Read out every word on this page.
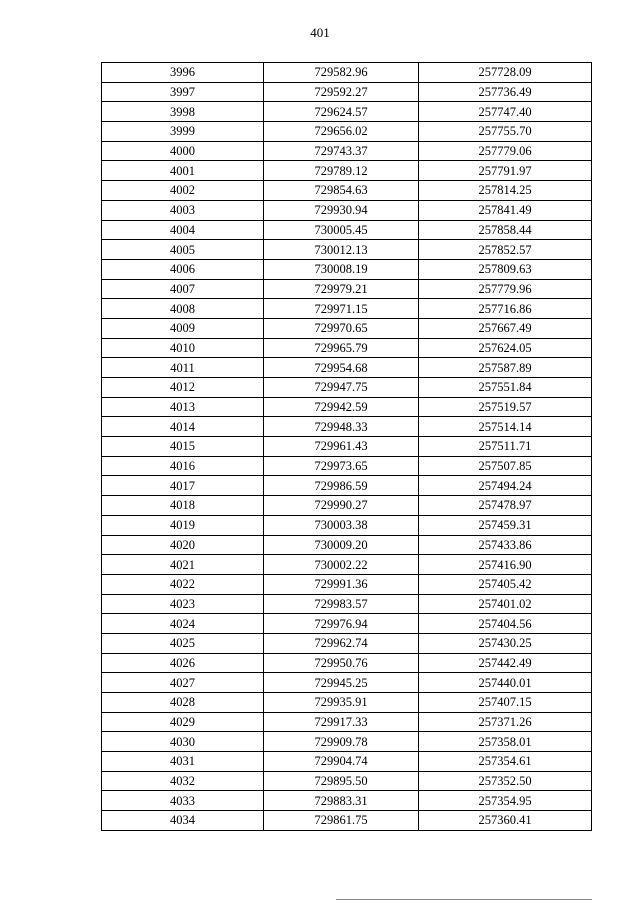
401
3996	729582.96	257728.09
3997	729592.27	257736.49
3998	729624.57	257747.40
3999	729656.02	257755.70
4000	729743.37	257779.06
4001	729789.12	257791.97
4002	729854.63	257814.25
4003	729930.94	257841.49
4004	730005.45	257858.44
4005	730012.13	257852.57
4006	730008.19	257809.63
4007	729979.21	257779.96
4008	729971.15	257716.86
4009	729970.65	257667.49
4010	729965.79	257624.05
4011	729954.68	257587.89
4012	729947.75	257551.84
4013	729942.59	257519.57
4014	729948.33	257514.14
4015	729961.43	257511.71
4016	729973.65	257507.85
4017	729986.59	257494.24
4018	729990.27	257478.97
4019	730003.38	257459.31
4020	730009.20	257433.86
4021	730002.22	257416.90
4022	729991.36	257405.42
4023	729983.57	257401.02
4024	729976.94	257404.56
4025	729962.74	257430.25
4026	729950.76	257442.49
4027	729945.25	257440.01
4028	729935.91	257407.15
4029	729917.33	257371.26
4030	729909.78	257358.01
4031	729904.74	257354.61
4032	729895.50	257352.50
4033	729883.31	257354.95
4034	729861.75	257360.41
